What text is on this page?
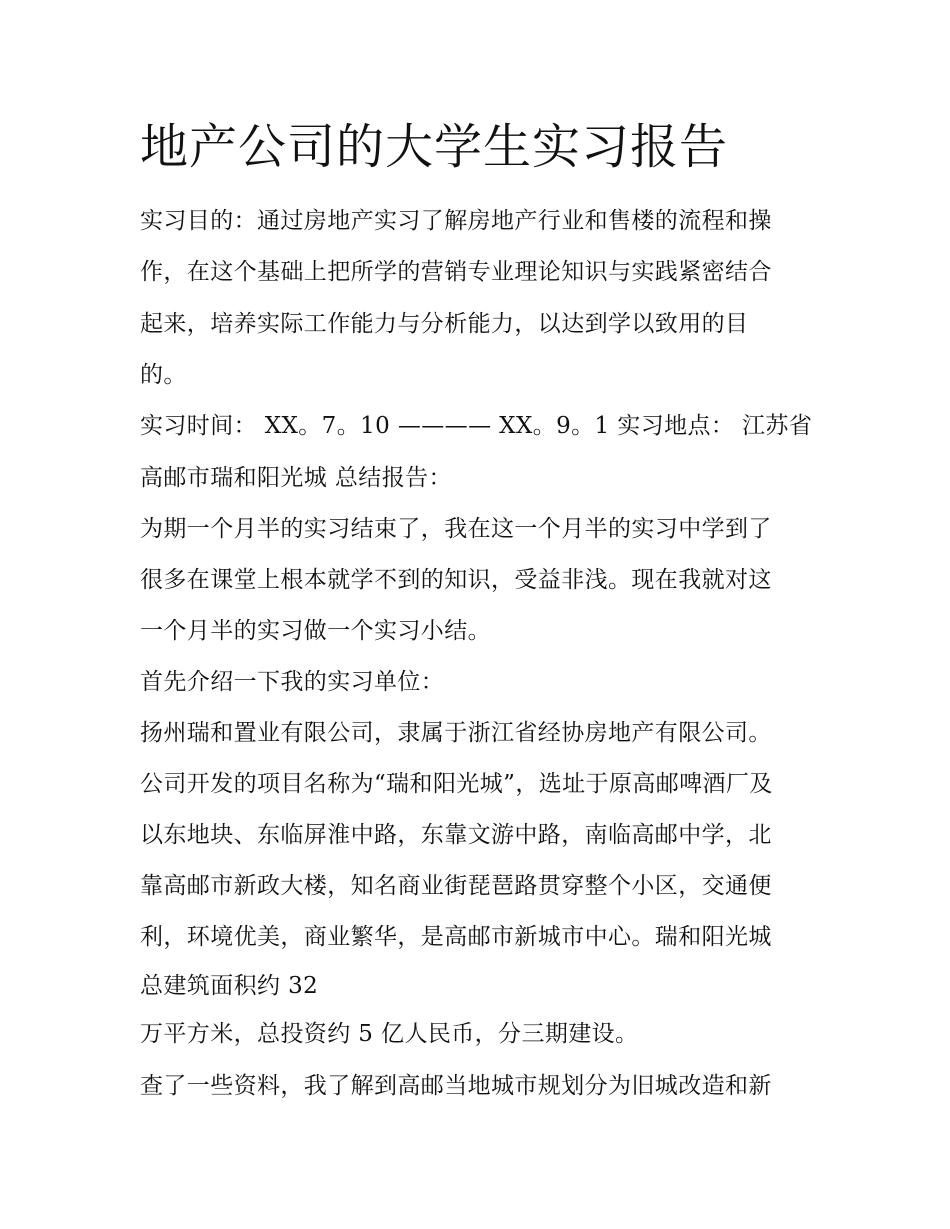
地产公司的大学生实习报告
实习目的：通过房地产实习了解房地产行业和售楼的流程和操
作，在这个基础上把所学的营销专业理论知识与实践紧密结合
起来，培养实际工作能力与分析能力，以达到学以致用的目
的。
实习时间： XX。7。10 ———— XX。9。1 实习地点： 江苏省
高邮市瑞和阳光城 总结报告：
为期一个月半的实习结束了，我在这一个月半的实习中学到了
很多在课堂上根本就学不到的知识，受益非浅。现在我就对这
一个月半的实习做一个实习小结。
首先介绍一下我的实习单位：
扬州瑞和置业有限公司，隶属于浙江省经协房地产有限公司。
公司开发的项目名称为“瑞和阳光城”，选址于原高邮啤酒厂及
以东地块、东临屏淮中路，东靠文游中路，南临高邮中学，北
靠高邮市新政大楼，知名商业街琵琶路贯穿整个小区，交通便
利，环境优美，商业繁华，是高邮市新城市中心。瑞和阳光城
总建筑面积约 32
万平方米，总投资约 5 亿人民币，分三期建设。
查了一些资料，我了解到高邮当地城市规划分为旧城改造和新
